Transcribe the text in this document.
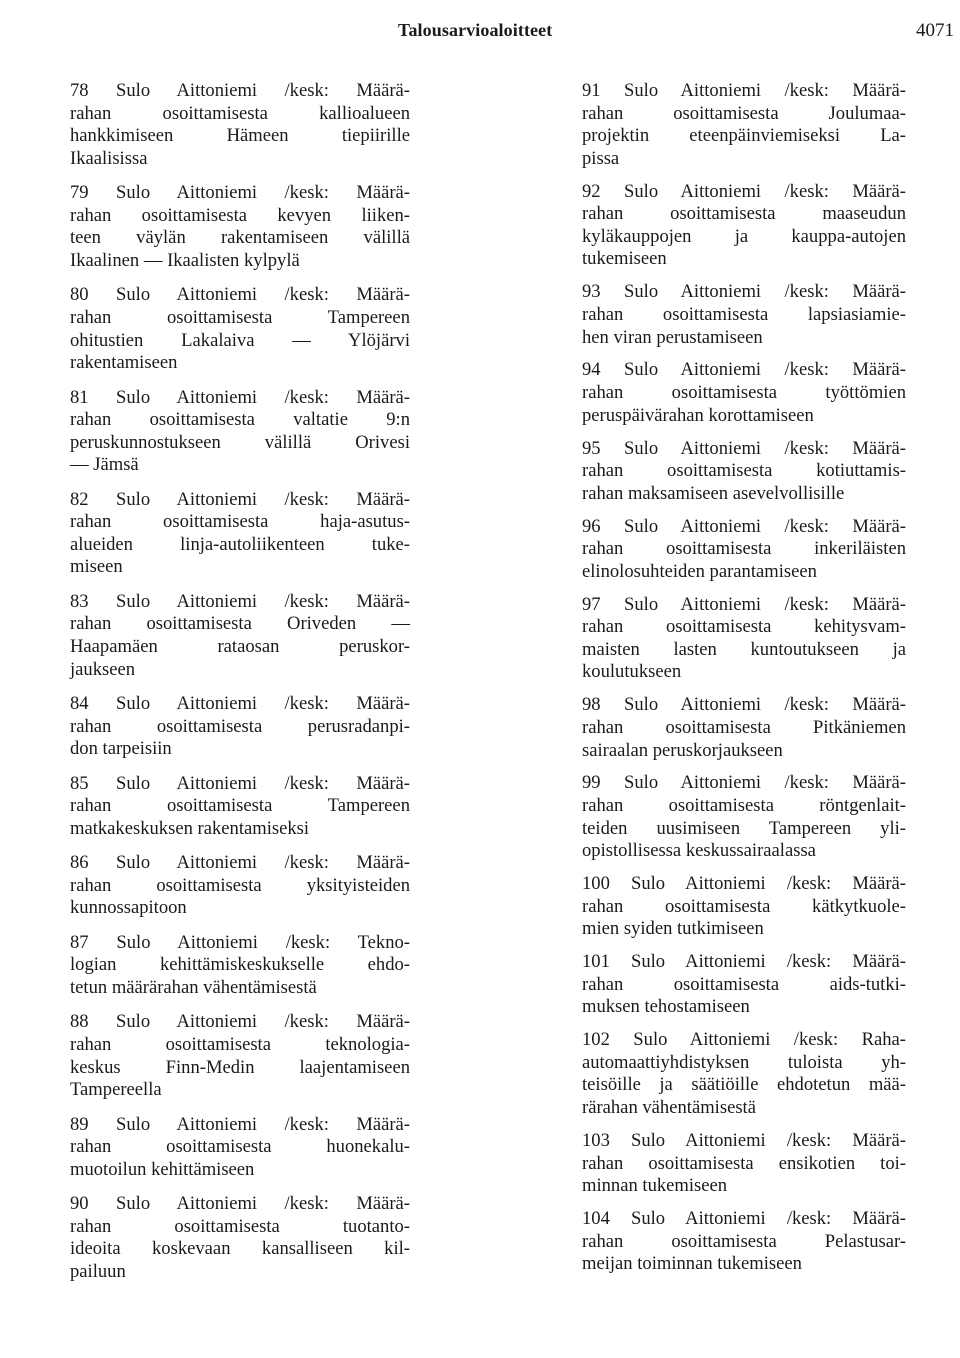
Talousarvioaloitteet	4071

78 Sulo Aittoniemi /kesk: Määrä-
rahan osoittamisesta kallioalueen
hankkimiseen Hämeen tiepiirille
Ikaalisissa

79 Sulo Aittoniemi /kesk: Määrä-
rahan osoittamisesta kevyen liiken-
teen väylän rakentamiseen välillä
Ikaalinen — Ikaalisten kylpylä

80 Sulo Aittoniemi /kesk: Määrä-
rahan osoittamisesta Tampereen
ohitustien Lakalaiva — Ylöjärvi
rakentamiseen

81 Sulo Aittoniemi /kesk: Määrä-
rahan osoittamisesta valtatie 9:n
peruskunnostukseen välillä Orivesi
— Jämsä

82 Sulo Aittoniemi /kesk: Määrä-
rahan osoittamisesta haja-asutus-
alueiden linja-autoliikenteen tuke-
miseen

83 Sulo Aittoniemi /kesk: Määrä-
rahan osoittamisesta Oriveden —
Haapamäen rataosan peruskor-
jaukseen

84 Sulo Aittoniemi /kesk: Määrä-
rahan osoittamisesta perusradanpi-
don tarpeisiin

85 Sulo Aittoniemi /kesk: Määrä-
rahan osoittamisesta Tampereen
matkakeskuksen rakentamiseksi

86 Sulo Aittoniemi /kesk: Määrä-
rahan osoittamisesta yksityisteiden
kunnossapitoon

87 Sulo Aittoniemi /kesk: Tekno-
logian kehittämiskeskukselle ehdo-
tetun määrärahan vähentämisestä

88 Sulo Aittoniemi /kesk: Määrä-
rahan osoittamisesta teknologia-
keskus Finn-Medin laajentamiseen
Tampereella

89 Sulo Aittoniemi /kesk: Määrä-
rahan osoittamisesta huonekalu-
muotoilun kehittämiseen

90 Sulo Aittoniemi /kesk: Määrä-
rahan osoittamisesta tuotanto-
ideoita koskevaan kansalliseen kil-
pailuun

91 Sulo Aittoniemi /kesk: Määrä-
rahan osoittamisesta Joulumaa-
projektin eteenpäinviemiseksi La-
pissa

92 Sulo Aittoniemi /kesk: Määrä-
rahan osoittamisesta maaseudun
kyläkauppojen ja kauppa-autojen
tukemiseen

93 Sulo Aittoniemi /kesk: Määrä-
rahan osoittamisesta lapsiasiamie-
hen viran perustamiseen

94 Sulo Aittoniemi /kesk: Määrä-
rahan osoittamisesta työttömien
peruspäivärahan korottamiseen

95 Sulo Aittoniemi /kesk: Määrä-
rahan osoittamisesta kotiuttamis-
rahan maksamiseen asevelvollisille

96 Sulo Aittoniemi /kesk: Määrä-
rahan osoittamisesta inkeriläisten
elinolosuhteiden parantamiseen

97 Sulo Aittoniemi /kesk: Määrä-
rahan osoittamisesta kehitysvam-
maisten lasten kuntoutukseen ja
koulutukseen

98 Sulo Aittoniemi /kesk: Määrä-
rahan osoittamisesta Pitkäniemen
sairaalan peruskorjaukseen

99 Sulo Aittoniemi /kesk: Määrä-
rahan osoittamisesta röntgenlait-
teiden uusimiseen Tampereen yli-
opistollisessa keskussairaalassa

100 Sulo Aittoniemi /kesk: Määrä-
rahan osoittamisesta kätkytkuole-
mien syiden tutkimiseen

101 Sulo Aittoniemi /kesk: Määrä-
rahan osoittamisesta aids-tutki-
muksen tehostamiseen

102 Sulo Aittoniemi /kesk: Raha-
automaattiyhdistyksen tuloista yh-
teisöille ja säätiöille ehdotetun mää-
rärahan vähentämisestä

103 Sulo Aittoniemi /kesk: Määrä-
rahan osoittamisesta ensikotien toi-
minnan tukemiseen

104 Sulo Aittoniemi /kesk: Määrä-
rahan osoittamisesta Pelastusar-
meijan toiminnan tukemiseen
